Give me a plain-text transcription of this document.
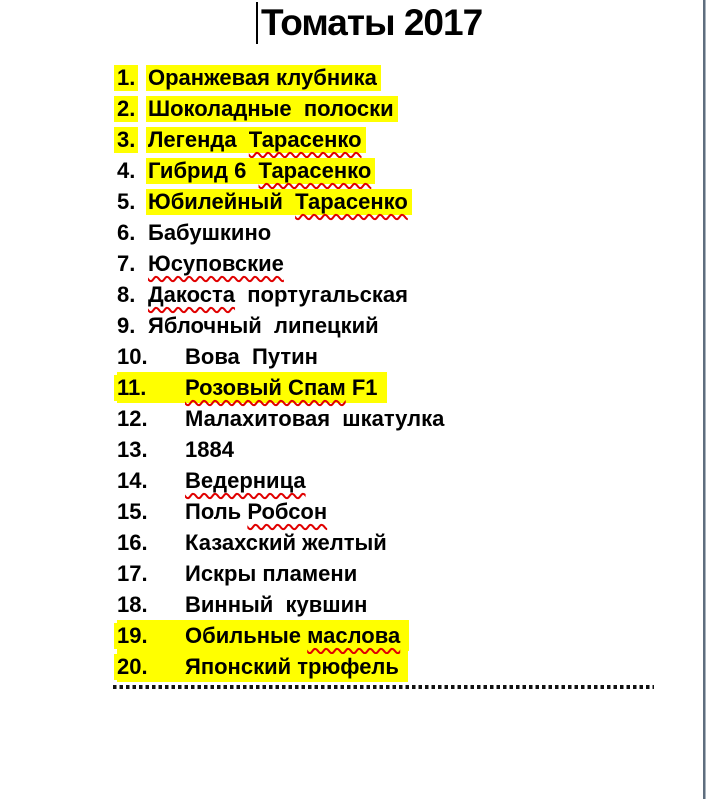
Томаты 2017
1. Оранжевая клубника
2. Шоколадные  полоски
3. Легенда  Тарасенко
4. Гибрид 6  Тарасенко
5. Юбилейный  Тарасенко
6. Бабушкино
7. Юсуповские
8. Дакоста  португальская
9. Яблочный  липецкий
10.	Вова  Путин
11.	Розовый Спам F1
12.	Малахитовая  шкатулка
13.	1884
14.	Ведерница
15.	Поль Робсон
16.	Казахский желтый
17.	Искры пламени
18.	Винный  кувшин
19.	Обильные маслова
20.	Японский трюфель
